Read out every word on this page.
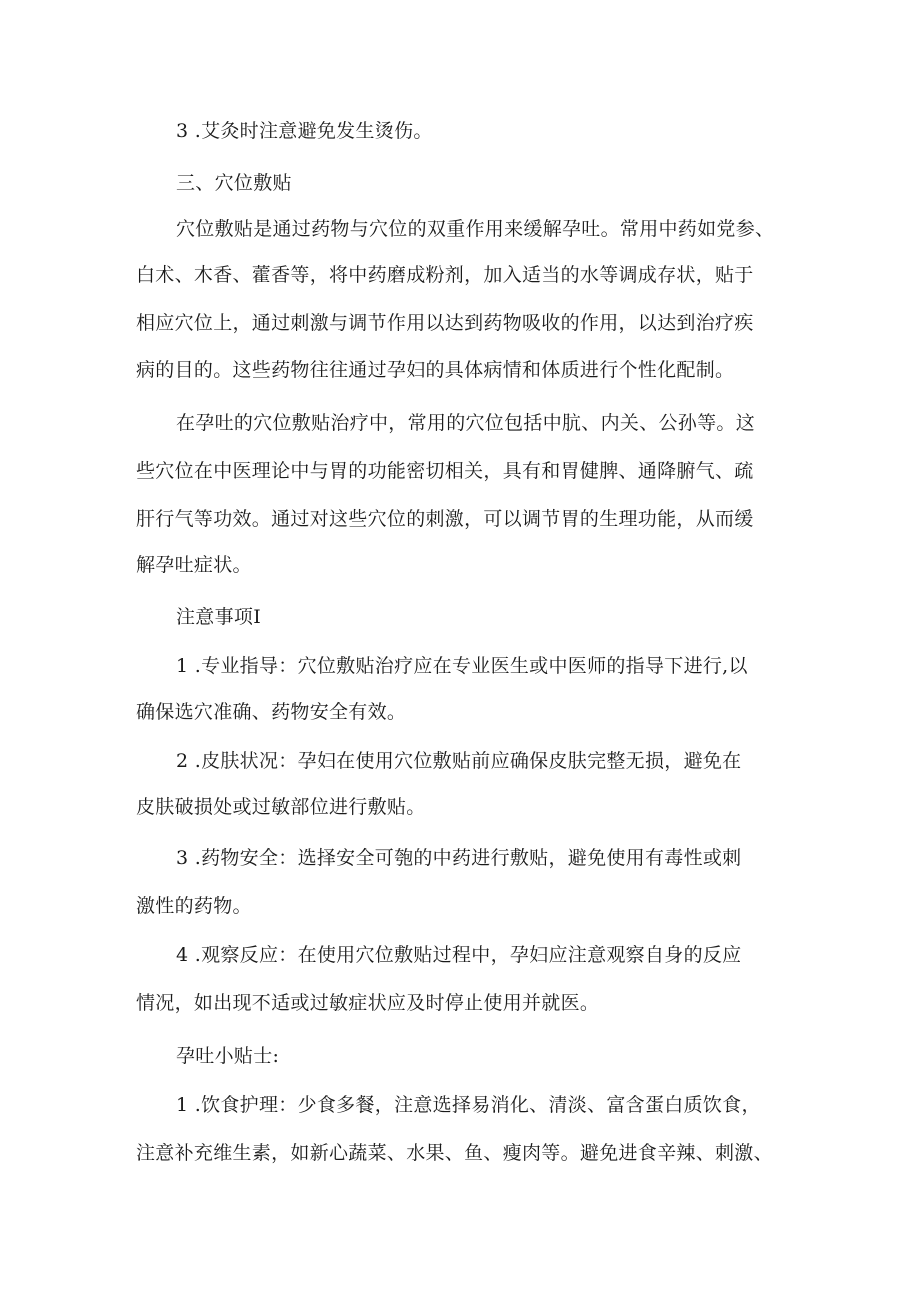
3 .艾灸时注意避免发生烫伤。
三、穴位敷贴
穴位敷贴是通过药物与穴位的双重作用来缓解孕吐。常用中药如党参、
白术、木香、藿香等，将中药磨成粉剂，加入适当的水等调成存状，贴于
相应穴位上，通过刺激与调节作用以达到药物吸收的作用，以达到治疗疾
病的目的。这些药物往往通过孕妇的具体病情和体质进行个性化配制。
在孕吐的穴位敷贴治疗中，常用的穴位包括中肮、内关、公孙等。这
些穴位在中医理论中与胃的功能密切相关，具有和胃健脾、通降腑气、疏
肝行气等功效。通过对这些穴位的刺激，可以调节胃的生理功能，从而缓
解孕吐症状。
注意事项I
1 .专业指导：穴位敷贴治疗应在专业医生或中医师的指导下进行,以
确保选穴准确、药物安全有效。
2 .皮肤状况：孕妇在使用穴位敷贴前应确保皮肤完整无损，避免在
皮肤破损处或过敏部位进行敷贴。
3 .药物安全：选择安全可匏的中药进行敷贴，避免使用有毒性或刺
激性的药物。
4 .观察反应：在使用穴位敷贴过程中，孕妇应注意观察自身的反应
情况，如出现不适或过敏症状应及时停止使用并就医。
孕吐小贴士:
1 .饮食护理：少食多餐，注意选择易消化、清淡、富含蛋白质饮食，
注意补充维生素，如新心蔬菜、水果、鱼、瘦肉等。避免进食辛辣、刺激、
